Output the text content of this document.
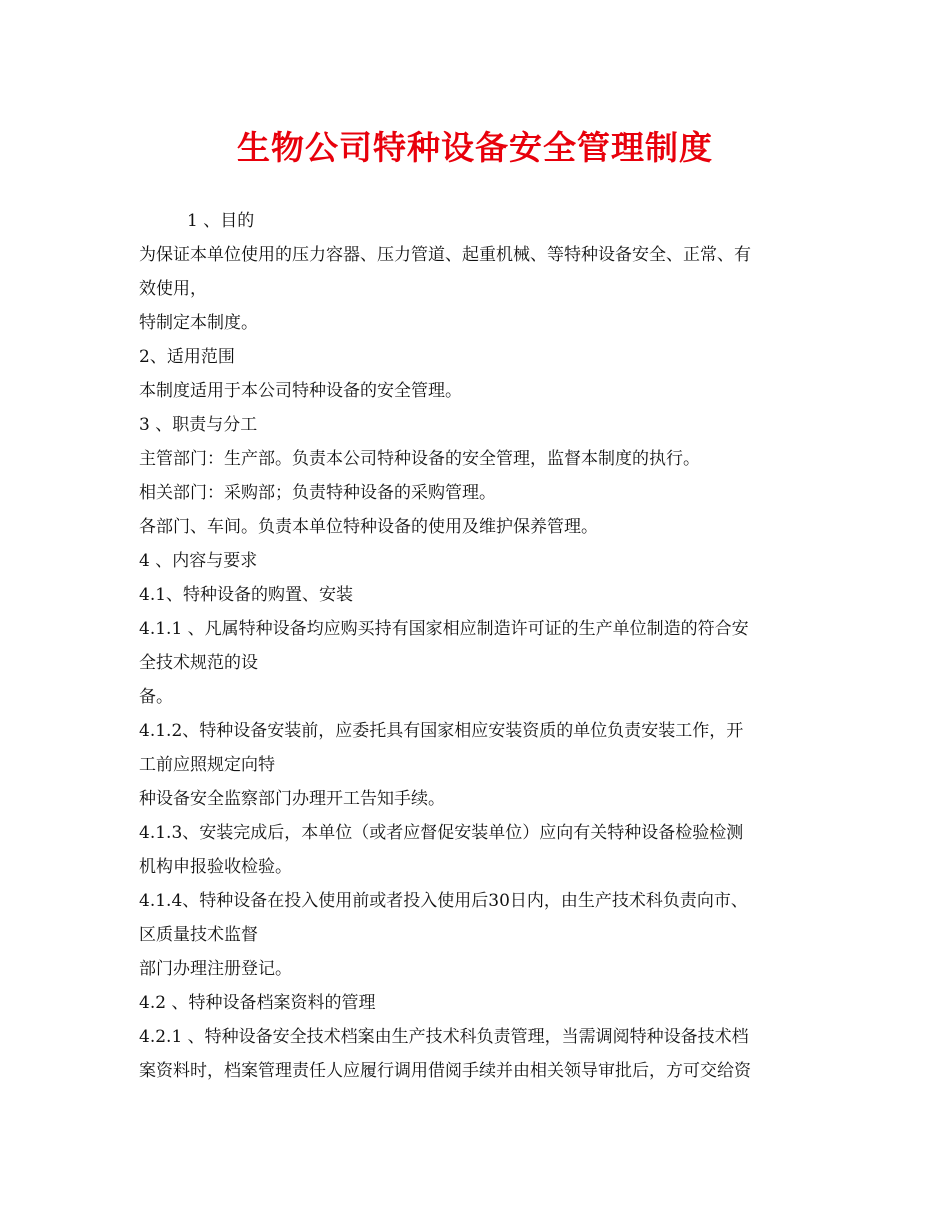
生物公司特种设备安全管理制度
1 、目的
为保证本单位使用的压力容器、压力管道、起重机械、等特种设备安全、正常、有
效使用，
特制定本制度。
2、适用范围
本制度适用于本公司特种设备的安全管理。
3 、职责与分工
主管部门：生产部。负责本公司特种设备的安全管理，监督本制度的执行。
相关部门：采购部；负责特种设备的采购管理。
各部门、车间。负责本单位特种设备的使用及维护保养管理。
4 、内容与要求
4.1、特种设备的购置、安装
4.1.1 、凡属特种设备均应购买持有国家相应制造许可证的生产单位制造的符合安
全技术规范的设
备。
4.1.2、特种设备安装前，应委托具有国家相应安装资质的单位负责安装工作，开
工前应照规定向特
种设备安全监察部门办理开工告知手续。
4.1.3、安装完成后，本单位（或者应督促安装单位）应向有关特种设备检验检测
机构申报验收检验。
4.1.4、特种设备在投入使用前或者投入使用后30日内，由生产技术科负责向市、
区质量技术监督
部门办理注册登记。
4.2 、特种设备档案资料的管理
4.2.1 、特种设备安全技术档案由生产技术科负责管理，当需调阅特种设备技术档
案资料时，档案管理责任人应履行调用借阅手续并由相关领导审批后，方可交给资
